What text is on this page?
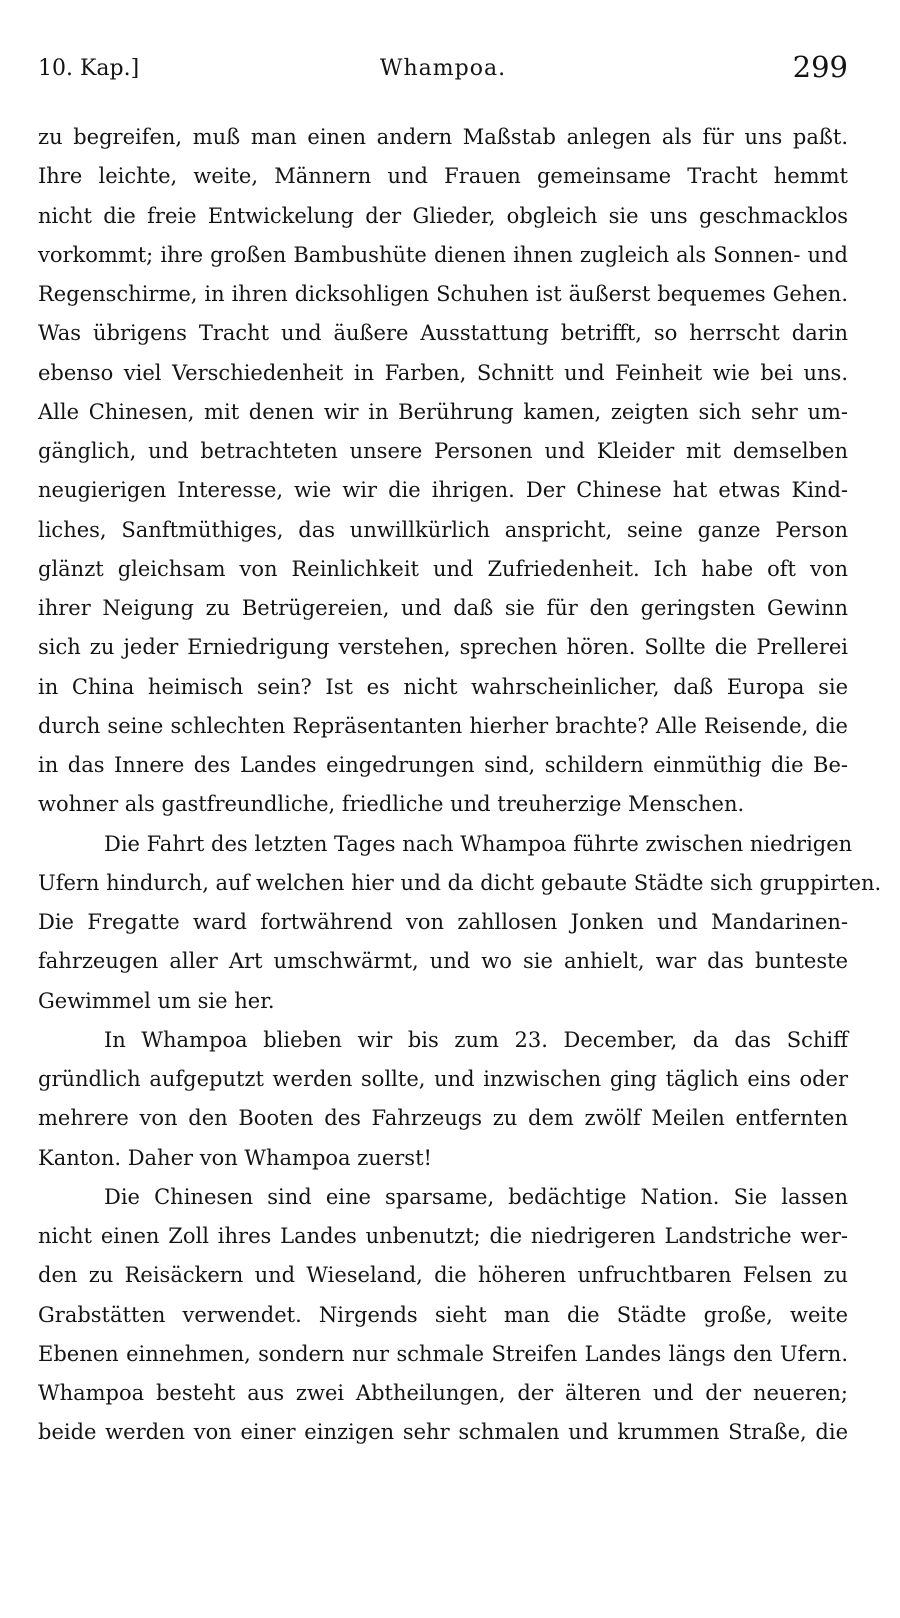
10. Kap.]	Whampoa.	299
zu begreifen, muß man einen andern Maßstab anlegen als für uns paßt.
Ihre leichte, weite, Männern und Frauen gemeinsame Tracht hemmt
nicht die freie Entwickelung der Glieder, obgleich sie uns geschmacklos
vorkommt; ihre großen Bambushüte dienen ihnen zugleich als Sonnen- und
Regenschirme, in ihren dicksohligen Schuhen ist äußerst bequemes Gehen.
Was übrigens Tracht und äußere Ausstattung betrifft, so herrscht darin
ebenso viel Verschiedenheit in Farben, Schnitt und Feinheit wie bei uns.
Alle Chinesen, mit denen wir in Berührung kamen, zeigten sich sehr um-
gänglich, und betrachteten unsere Personen und Kleider mit demselben
neugierigen Interesse, wie wir die ihrigen. Der Chinese hat etwas Kind-
liches, Sanftmüthiges, das unwillkürlich anspricht, seine ganze Person
glänzt gleichsam von Reinlichkeit und Zufriedenheit. Ich habe oft von
ihrer Neigung zu Betrügereien, und daß sie für den geringsten Gewinn
sich zu jeder Erniedrigung verstehen, sprechen hören. Sollte die Prellerei
in China heimisch sein? Ist es nicht wahrscheinlicher, daß Europa sie
durch seine schlechten Repräsentanten hierher brachte? Alle Reisende, die
in das Innere des Landes eingedrungen sind, schildern einmüthig die Be-
wohner als gastfreundliche, friedliche und treuherzige Menschen.
Die Fahrt des letzten Tages nach Whampoa führte zwischen niedrigen
Ufern hindurch, auf welchen hier und da dicht gebaute Städte sich gruppirten.
Die Fregatte ward fortwährend von zahllosen Jonken und Mandarinen-
fahrzeugen aller Art umschwärmt, und wo sie anhielt, war das bunteste
Gewimmel um sie her.
In Whampoa blieben wir bis zum 23. December, da das Schiff
gründlich aufgeputzt werden sollte, und inzwischen ging täglich eins oder
mehrere von den Booten des Fahrzeugs zu dem zwölf Meilen entfernten
Kanton. Daher von Whampoa zuerst!
Die Chinesen sind eine sparsame, bedächtige Nation. Sie lassen
nicht einen Zoll ihres Landes unbenutzt; die niedrigeren Landstriche wer-
den zu Reisäckern und Wieseland, die höheren unfruchtbaren Felsen zu
Grabstätten verwendet. Nirgends sieht man die Städte große, weite
Ebenen einnehmen, sondern nur schmale Streifen Landes längs den Ufern.
Whampoa besteht aus zwei Abtheilungen, der älteren und der neueren;
beide werden von einer einzigen sehr schmalen und krummen Straße, die
